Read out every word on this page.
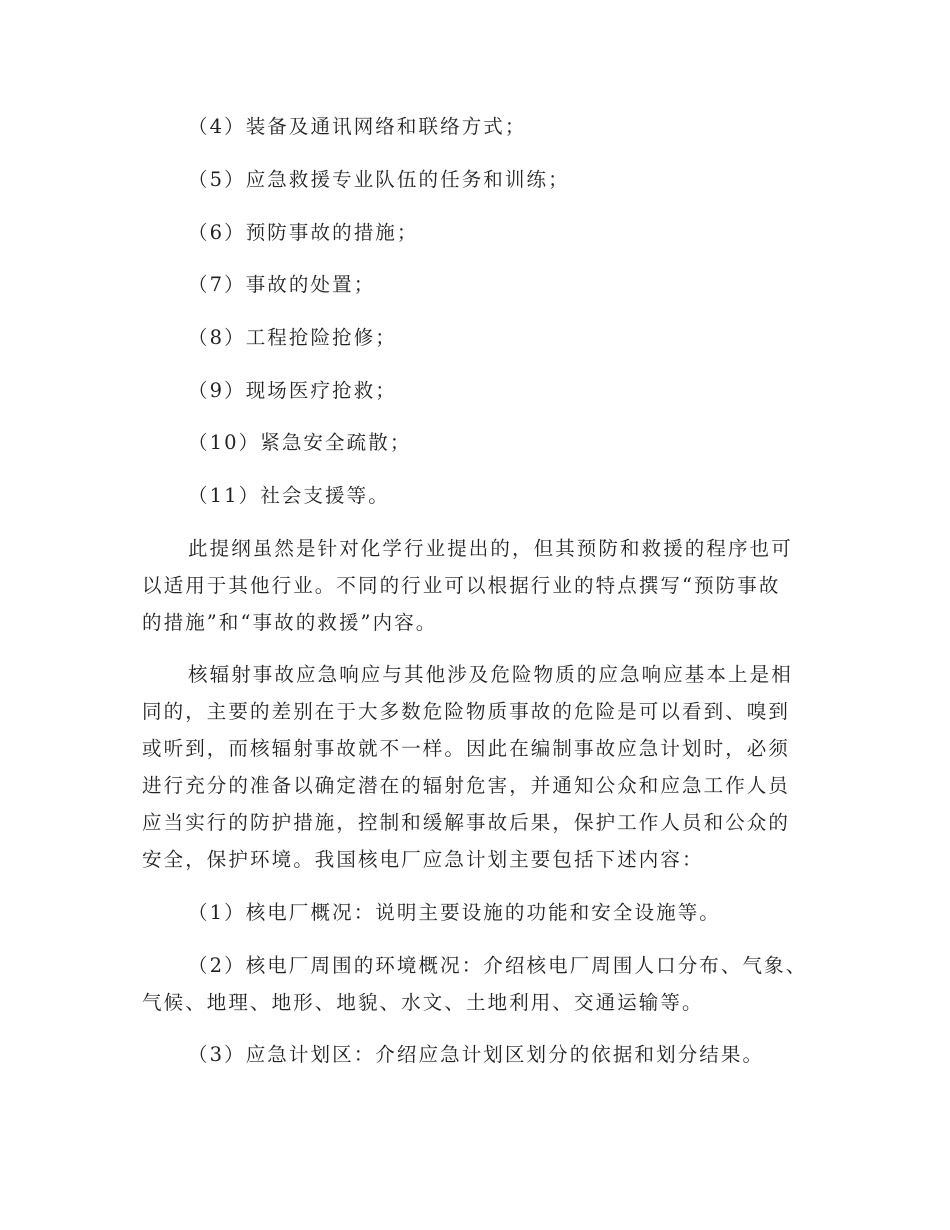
（4）装备及通讯网络和联络方式；
（5）应急救援专业队伍的任务和训练；
（6）预防事故的措施；
（7）事故的处置；
（8）工程抢险抢修；
（9）现场医疗抢救；
（10）紧急安全疏散；
（11）社会支援等。
此提纲虽然是针对化学行业提出的，但其预防和救援的程序也可
以适用于其他行业。不同的行业可以根据行业的特点撰写“预防事故
的措施”和“事故的救援”内容。
核辐射事故应急响应与其他涉及危险物质的应急响应基本上是相
同的，主要的差别在于大多数危险物质事故的危险是可以看到、嗅到
或听到，而核辐射事故就不一样。因此在编制事故应急计划时，必须
进行充分的准备以确定潜在的辐射危害，并通知公众和应急工作人员
应当实行的防护措施，控制和缓解事故后果，保护工作人员和公众的
安全，保护环境。我国核电厂应急计划主要包括下述内容：
（1）核电厂概况：说明主要设施的功能和安全设施等。
（2）核电厂周围的环境概况：介绍核电厂周围人口分布、气象、
气候、地理、地形、地貌、水文、土地利用、交通运输等。
（3）应急计划区：介绍应急计划区划分的依据和划分结果。
